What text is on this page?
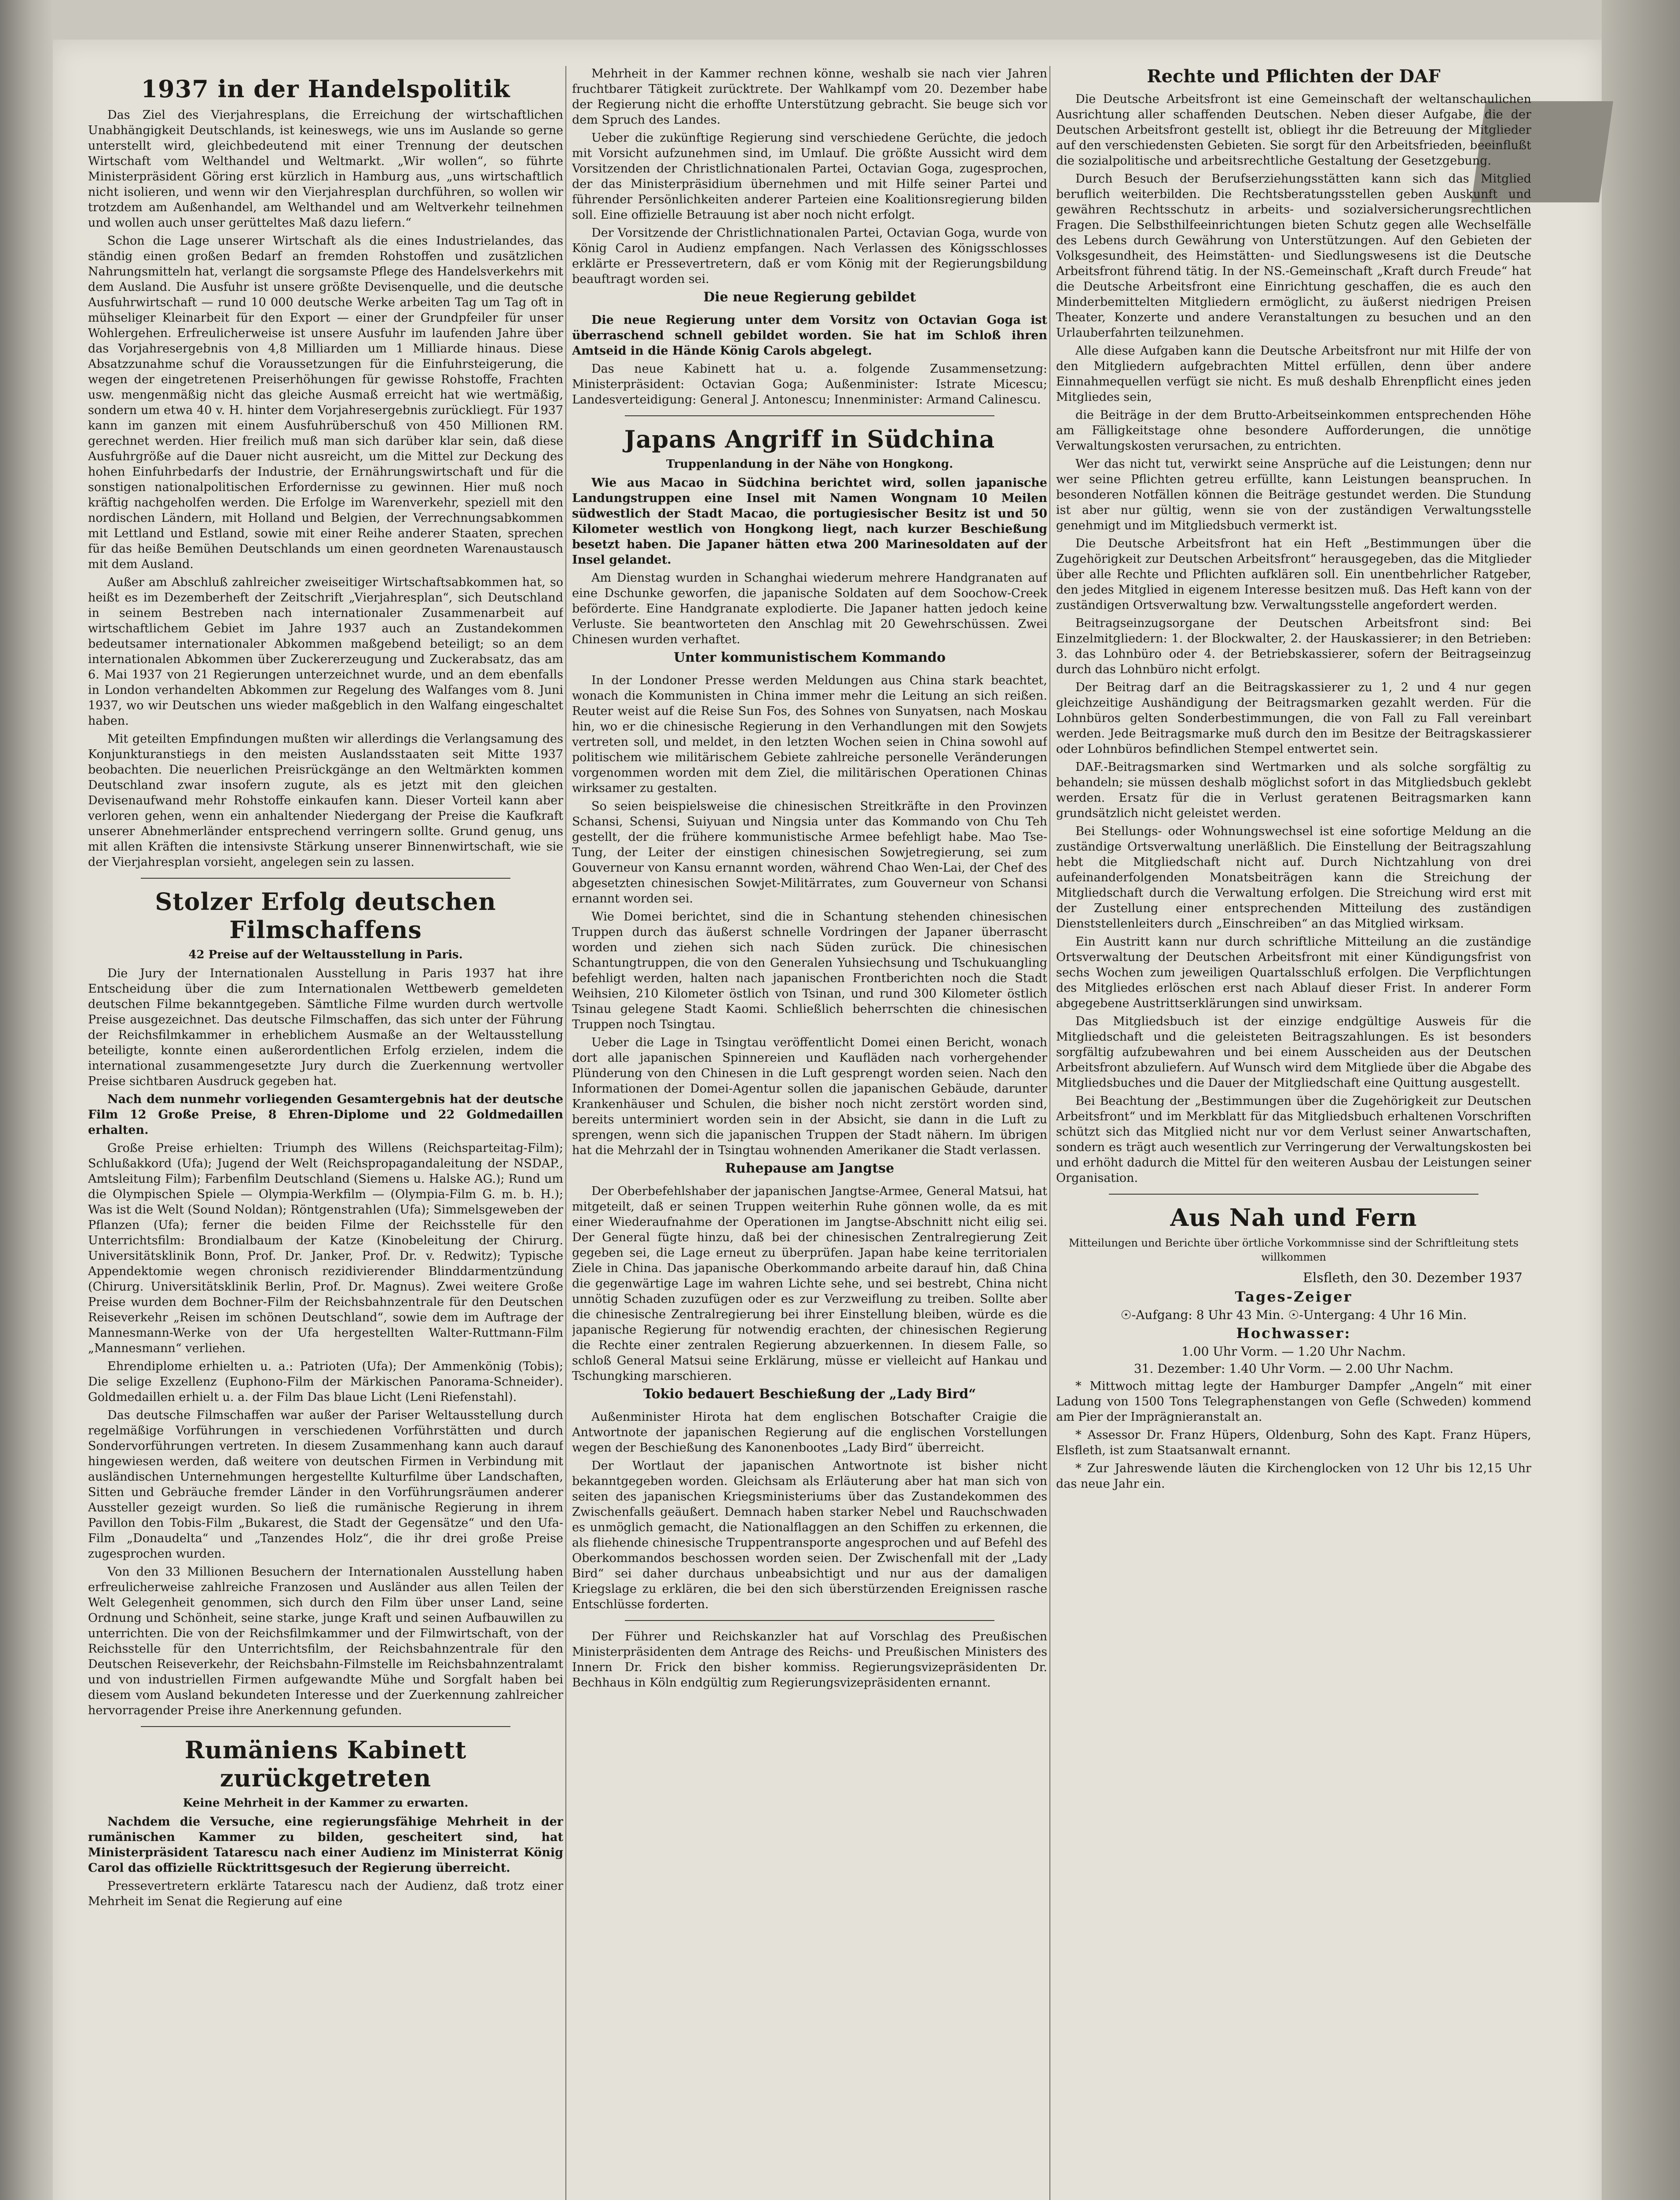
1937 in der Handelspolitik

Das Ziel des Vierjahresplans, die Erreichung der wirtschaftlichen Unabhängigkeit Deutschlands, ist keineswegs, wie uns im Auslande so gerne unterstellt wird, gleichbedeutend mit einer Trennung der deutschen Wirtschaft vom Welthandel und Weltmarkt. „Wir wollen“, so führte Ministerpräsident Göring erst kürzlich in Hamburg aus, „uns wirtschaftlich nicht isolieren, und wenn wir den Vierjahresplan durchführen, so wollen wir trotzdem am Außenhandel, am Welthandel und am Weltverkehr teilnehmen und wollen auch unser gerütteltes Maß dazu liefern.“

Schon die Lage unserer Wirtschaft als die eines Industrielandes, das ständig einen großen Bedarf an fremden Rohstoffen und zusätzlichen Nahrungsmitteln hat, verlangt die sorgsamste Pflege des Handelsverkehrs mit dem Ausland. Die Ausfuhr ist unsere größte Devisenquelle, und die deutsche Ausfuhrwirtschaft — rund 10 000 deutsche Werke arbeiten Tag um Tag oft in mühseliger Kleinarbeit für den Export — einer der Grundpfeiler für unser Wohlergehen. Erfreulicherweise ist unsere Ausfuhr im laufenden Jahre über das Vorjahresergebnis von 4,8 Milliarden um 1 Milliarde hinaus. Diese Absatzzunahme schuf die Voraussetzungen für die Einfuhrsteigerung, die wegen der eingetretenen Preiserhöhungen für gewisse Rohstoffe, Frachten usw. mengenmäßig nicht das gleiche Ausmaß erreicht hat wie wertmäßig, sondern um etwa 40 v. H. hinter dem Vorjahresergebnis zurückliegt. Für 1937 kann im ganzen mit einem Ausfuhrüberschuß von 450 Millionen RM. gerechnet werden. Hier freilich muß man sich darüber klar sein, daß diese Ausfuhrgröße auf die Dauer nicht ausreicht, um die Mittel zur Deckung des hohen Einfuhrbedarfs der Industrie, der Ernährungswirtschaft und für die sonstigen nationalpolitischen Erfordernisse zu gewinnen. Hier muß noch kräftig nachgeholfen werden. Die Erfolge im Warenverkehr, speziell mit den nordischen Ländern, mit Holland und Belgien, der Verrechnungsabkommen mit Lettland und Estland, sowie mit einer Reihe anderer Staaten, sprechen für das heiße Bemühen Deutschlands um einen geordneten Warenaustausch mit dem Ausland.

Außer am Abschluß zahlreicher zweiseitiger Wirtschaftsabkommen hat, so heißt es im Dezemberheft der Zeitschrift „Vierjahresplan“, sich Deutschland in seinem Bestreben nach internationaler Zusammenarbeit auf wirtschaftlichem Gebiet im Jahre 1937 auch an Zustandekommen bedeutsamer internationaler Abkommen maßgebend beteiligt; so an dem internationalen Abkommen über Zuckererzeugung und Zuckerabsatz, das am 6. Mai 1937 von 21 Regierungen unterzeichnet wurde, und an dem ebenfalls in London verhandelten Abkommen zur Regelung des Walfanges vom 8. Juni 1937, wo wir Deutschen uns wieder maßgeblich in den Walfang eingeschaltet haben.

Mit geteilten Empfindungen mußten wir allerdings die Verlangsamung des Konjunkturanstiegs in den meisten Auslandsstaaten seit Mitte 1937 beobachten. Die neuerlichen Preisrückgänge an den Weltmärkten kommen Deutschland zwar insofern zugute, als es jetzt mit den gleichen Devisenaufwand mehr Rohstoffe einkaufen kann. Dieser Vorteil kann aber verloren gehen, wenn ein anhaltender Niedergang der Preise die Kaufkraft unserer Abnehmerländer entsprechend verringern sollte. Grund genug, uns mit allen Kräften die intensivste Stärkung unserer Binnenwirtschaft, wie sie der Vierjahresplan vorsieht, angelegen sein zu lassen.

Stolzer Erfolg deutschen Filmschaffens
42 Preise auf der Weltausstellung in Paris.

Die Jury der Internationalen Ausstellung in Paris 1937 hat ihre Entscheidung über die zum Internationalen Wettbewerb gemeldeten deutschen Filme bekanntgegeben. Sämtliche Filme wurden durch wertvolle Preise ausgezeichnet. Das deutsche Filmschaffen, das sich unter der Führung der Reichsfilmkammer in erheblichem Ausmaße an der Weltausstellung beteiligte, konnte einen außerordentlichen Erfolg erzielen, indem die international zusammengesetzte Jury durch die Zuerkennung wertvoller Preise sichtbaren Ausdruck gegeben hat.

Nach dem nunmehr vorliegenden Gesamtergebnis hat der deutsche Film 12 Große Preise, 8 Ehren-Diplome und 22 Goldmedaillen erhalten.

Große Preise erhielten: Triumph des Willens (Reichsparteitag-Film); Schlußakkord (Ufa); Jugend der Welt (Reichspropagandaleitung der NSDAP., Amtsleitung Film); Farbenfilm Deutschland (Siemens u. Halske AG.); Rund um die Olympischen Spiele — Olympia-Werkfilm — (Olympia-Film G. m. b. H.); Was ist die Welt (Sound Noldan); Röntgenstrahlen (Ufa); Simmelsgeweben der Pflanzen (Ufa); ferner die beiden Filme der Reichsstelle für den Unterrichtsfilm: Brondialbaum der Katze (Kinobeleitung der Chirurg. Universitätsklinik Bonn, Prof. Dr. Janker, Prof. Dr. v. Redwitz); Typische Appendektomie wegen chronisch rezidivierender Blinddarmentzündung (Chirurg. Universitätsklinik Berlin, Prof. Dr. Magnus). Zwei weitere Große Preise wurden dem Bochner-Film der Reichsbahnzentrale für den Deutschen Reiseverkehr „Reisen im schönen Deutschland“, sowie dem im Auftrage der Mannesmann-Werke von der Ufa hergestellten Walter-Ruttmann-Film „Mannesmann“ verliehen.

Ehrendiplome erhielten u. a.: Patrioten (Ufa); Der Ammenkönig (Tobis); Die selige Exzellenz (Euphono-Film der Märkischen Panorama-Schneider). Goldmedaillen erhielt u. a. der Film Das blaue Licht (Leni Riefenstahl).

Das deutsche Filmschaffen war außer der Pariser Weltausstellung durch regelmäßige Vorführungen in verschiedenen Vorführstätten und durch Sondervorführungen vertreten. In diesem Zusammenhang kann auch darauf hingewiesen werden, daß weitere von deutschen Firmen in Verbindung mit ausländischen Unternehmungen hergestellte Kulturfilme über Landschaften, Sitten und Gebräuche fremder Länder in den Vorführungsräumen anderer Aussteller gezeigt wurden. So ließ die rumänische Regierung in ihrem Pavillon den Tobis-Film „Bukarest, die Stadt der Gegensätze“ und den Ufa-Film „Donaudelta“ und „Tanzendes Holz“, die ihr drei große Preise zugesprochen wurden.

Von den 33 Millionen Besuchern der Internationalen Ausstellung haben erfreulicherweise zahlreiche Franzosen und Ausländer aus allen Teilen der Welt Gelegenheit genommen, sich durch den Film über unser Land, seine Ordnung und Schönheit, seine starke, junge Kraft und seinen Aufbauwillen zu unterrichten. Die von der Reichsfilmkammer und der Filmwirtschaft, von der Reichsstelle für den Unterrichtsfilm, der Reichsbahnzentrale für den Deutschen Reiseverkehr, der Reichsbahn-Filmstelle im Reichsbahnzentralamt und von industriellen Firmen aufgewandte Mühe und Sorgfalt haben bei diesem vom Ausland bekundeten Interesse und der Zuerkennung zahlreicher hervorragender Preise ihre Anerkennung gefunden.

Rumäniens Kabinett zurückgetreten
Keine Mehrheit in der Kammer zu erwarten.

Nachdem die Versuche, eine regierungsfähige Mehrheit in der rumänischen Kammer zu bilden, gescheitert sind, hat Ministerpräsident Tatarescu nach einer Audienz im Ministerrat König Carol das offizielle Rücktrittsgesuch der Regierung überreicht.

Pressevertretern erklärte Tatarescu nach der Audienz, daß trotz einer Mehrheit im Senat die Regierung auf eine

Mehrheit in der Kammer rechnen könne, weshalb sie nach vier Jahren fruchtbarer Tätigkeit zurücktrete. Der Wahlkampf vom 20. Dezember habe der Regierung nicht die erhoffte Unterstützung gebracht. Sie beuge sich vor dem Spruch des Landes.

Ueber die zukünftige Regierung sind verschiedene Gerüchte, die jedoch mit Vorsicht aufzunehmen sind, im Umlauf. Die größte Aussicht wird dem Vorsitzenden der Christlichnationalen Partei, Octavian Goga, zugesprochen, der das Ministerpräsidium übernehmen und mit Hilfe seiner Partei und führender Persönlichkeiten anderer Parteien eine Koalitionsregierung bilden soll. Eine offizielle Betrauung ist aber noch nicht erfolgt.

Der Vorsitzende der Christlichnationalen Partei, Octavian Goga, wurde von König Carol in Audienz empfangen. Nach Verlassen des Königsschlosses erklärte er Pressevertretern, daß er vom König mit der Regierungsbildung beauftragt worden sei.

Die neue Regierung gebildet

Die neue Regierung unter dem Vorsitz von Octavian Goga ist überraschend schnell gebildet worden. Sie hat im Schloß ihren Amtseid in die Hände König Carols abgelegt.

Das neue Kabinett hat u. a. folgende Zusammensetzung: Ministerpräsident: Octavian Goga; Außenminister: Istrate Micescu; Landesverteidigung: General J. Antonescu; Innenminister: Armand Calinescu.

Japans Angriff in Südchina
Truppenlandung in der Nähe von Hongkong.

Wie aus Macao in Südchina berichtet wird, sollen japanische Landungstruppen eine Insel mit Namen Wongnam 10 Meilen südwestlich der Stadt Macao, die portugiesischer Besitz ist und 50 Kilometer westlich von Hongkong liegt, nach kurzer Beschießung besetzt haben. Die Japaner hätten etwa 200 Marinesoldaten auf der Insel gelandet.

Am Dienstag wurden in Schanghai wiederum mehrere Handgranaten auf eine Dschunke geworfen, die japanische Soldaten auf dem Soochow-Creek beförderte. Eine Handgranate explodierte. Die Japaner hatten jedoch keine Verluste. Sie beantworteten den Anschlag mit 20 Gewehrschüssen. Zwei Chinesen wurden verhaftet.

Unter kommunistischem Kommando

In der Londoner Presse werden Meldungen aus China stark beachtet, wonach die Kommunisten in China immer mehr die Leitung an sich reißen. Reuter weist auf die Reise Sun Fos, des Sohnes von Sunyatsen, nach Moskau hin, wo er die chinesische Regierung in den Verhandlungen mit den Sowjets vertreten soll, und meldet, in den letzten Wochen seien in China sowohl auf politischem wie militärischem Gebiete zahlreiche personelle Veränderungen vorgenommen worden mit dem Ziel, die militärischen Operationen Chinas wirksamer zu gestalten.

So seien beispielsweise die chinesischen Streitkräfte in den Provinzen Schansi, Schensi, Suiyuan und Ningsia unter das Kommando von Chu Teh gestellt, der die frühere kommunistische Armee befehligt habe. Mao Tse-Tung, der Leiter der einstigen chinesischen Sowjetregierung, sei zum Gouverneur von Kansu ernannt worden, während Chao Wen-Lai, der Chef des abgesetzten chinesischen Sowjet-Militärrates, zum Gouverneur von Schansi ernannt worden sei.

Wie Domei berichtet, sind die in Schantung stehenden chinesischen Truppen durch das äußerst schnelle Vordringen der Japaner überrascht worden und ziehen sich nach Süden zurück. Die chinesischen Schantungtruppen, die von den Generalen Yuhsiechsung und Tschukuangling befehligt werden, halten nach japanischen Frontberichten noch die Stadt Weihsien, 210 Kilometer östlich von Tsinan, und rund 300 Kilometer östlich Tsinau gelegene Stadt Kaomi. Schließlich beherrschten die chinesischen Truppen noch Tsingtau.

Ueber die Lage in Tsingtau veröffentlicht Domei einen Bericht, wonach dort alle japanischen Spinnereien und Kaufläden nach vorhergehender Plünderung von den Chinesen in die Luft gesprengt worden seien. Nach den Informationen der Domei-Agentur sollen die japanischen Gebäude, darunter Krankenhäuser und Schulen, die bisher noch nicht zerstört worden sind, bereits unterminiert worden sein in der Absicht, sie dann in die Luft zu sprengen, wenn sich die japanischen Truppen der Stadt nähern. Im übrigen hat die Mehrzahl der in Tsingtau wohnenden Amerikaner die Stadt verlassen.

Ruhepause am Jangtse

Der Oberbefehlshaber der japanischen Jangtse-Armee, General Matsui, hat mitgeteilt, daß er seinen Truppen weiterhin Ruhe gönnen wolle, da es mit einer Wiederaufnahme der Operationen im Jangtse-Abschnitt nicht eilig sei. Der General fügte hinzu, daß bei der chinesischen Zentralregierung Zeit gegeben sei, die Lage erneut zu überprüfen. Japan habe keine territorialen Ziele in China. Das japanische Oberkommando arbeite darauf hin, daß China die gegenwärtige Lage im wahren Lichte sehe, und sei bestrebt, China nicht unnötig Schaden zuzufügen oder es zur Verzweiflung zu treiben. Sollte aber die chinesische Zentralregierung bei ihrer Einstellung bleiben, würde es die japanische Regierung für notwendig erachten, der chinesischen Regierung die Rechte einer zentralen Regierung abzuerkennen. In diesem Falle, so schloß General Matsui seine Erklärung, müsse er vielleicht auf Hankau und Tschungking marschieren.

Tokio bedauert Beschießung der „Lady Bird“

Außenminister Hirota hat dem englischen Botschafter Craigie die Antwortnote der japanischen Regierung auf die englischen Vorstellungen wegen der Beschießung des Kanonenbootes „Lady Bird“ überreicht.

Der Wortlaut der japanischen Antwortnote ist bisher nicht bekanntgegeben worden. Gleichsam als Erläuterung aber hat man sich von seiten des japanischen Kriegsministeriums über das Zustandekommen des Zwischenfalls geäußert. Demnach haben starker Nebel und Rauchschwaden es unmöglich gemacht, die Nationalflaggen an den Schiffen zu erkennen, die als fliehende chinesische Truppentransporte angesprochen und auf Befehl des Oberkommandos beschossen worden seien. Der Zwischenfall mit der „Lady Bird“ sei daher durchaus unbeabsichtigt und nur aus der damaligen Kriegslage zu erklären, die bei den sich überstürzenden Ereignissen rasche Entschlüsse forderten.

Der Führer und Reichskanzler hat auf Vorschlag des Preußischen Ministerpräsidenten dem Antrage des Reichs- und Preußischen Ministers des Innern Dr. Frick den bisher kommiss. Regierungsvizepräsidenten Dr. Bechhaus in Köln endgültig zum Regierungsvizepräsidenten ernannt.

Rechte und Pflichten der DAF

Die Deutsche Arbeitsfront ist eine Gemeinschaft der weltanschaulichen Ausrichtung aller schaffenden Deutschen. Neben dieser Aufgabe, die der Deutschen Arbeitsfront gestellt ist, obliegt ihr die Betreuung der Mitglieder auf den verschiedensten Gebieten. Sie sorgt für den Arbeitsfrieden, beeinflußt die sozialpolitische und arbeitsrechtliche Gestaltung der Gesetzgebung.

Durch Besuch der Berufserziehungsstätten kann sich das Mitglied beruflich weiterbilden. Die Rechtsberatungsstellen geben Auskunft und gewähren Rechtsschutz in arbeits- und sozialversicherungsrechtlichen Fragen. Die Selbsthilfeeinrichtungen bieten Schutz gegen alle Wechselfälle des Lebens durch Gewährung von Unterstützungen. Auf den Gebieten der Volksgesundheit, des Heimstätten- und Siedlungswesens ist die Deutsche Arbeitsfront führend tätig. In der NS.-Gemeinschaft „Kraft durch Freude“ hat die Deutsche Arbeitsfront eine Einrichtung geschaffen, die es auch den Minderbemittelten Mitgliedern ermöglicht, zu äußerst niedrigen Preisen Theater, Konzerte und andere Veranstaltungen zu besuchen und an den Urlauberfahrten teilzunehmen.

Alle diese Aufgaben kann die Deutsche Arbeitsfront nur mit Hilfe der von den Mitgliedern aufgebrachten Mittel erfüllen, denn über andere Einnahmequellen verfügt sie nicht. Es muß deshalb Ehrenpflicht eines jeden Mitgliedes sein,

die Beiträge in der dem Brutto-Arbeitseinkommen entsprechenden Höhe am Fälligkeitstage ohne besondere Aufforderungen, die unnötige Verwaltungskosten verursachen, zu entrichten.

Wer das nicht tut, verwirkt seine Ansprüche auf die Leistungen; denn nur wer seine Pflichten getreu erfüllte, kann Leistungen beanspruchen. In besonderen Notfällen können die Beiträge gestundet werden. Die Stundung ist aber nur gültig, wenn sie von der zuständigen Verwaltungsstelle genehmigt und im Mitgliedsbuch vermerkt ist.

Die Deutsche Arbeitsfront hat ein Heft „Bestimmungen über die Zugehörigkeit zur Deutschen Arbeitsfront“ herausgegeben, das die Mitglieder über alle Rechte und Pflichten aufklären soll. Ein unentbehrlicher Ratgeber, den jedes Mitglied in eigenem Interesse besitzen muß. Das Heft kann von der zuständigen Ortsverwaltung bzw. Verwaltungsstelle angefordert werden.

Beitragseinzugsorgane der Deutschen Arbeitsfront sind: Bei Einzelmitgliedern: 1. der Blockwalter, 2. der Hauskassierer; in den Betrieben: 3. das Lohnbüro oder 4. der Betriebskassierer, sofern der Beitragseinzug durch das Lohnbüro nicht erfolgt.

Der Beitrag darf an die Beitragskassierer zu 1, 2 und 4 nur gegen gleichzeitige Aushändigung der Beitragsmarken gezahlt werden. Für die Lohnbüros gelten Sonderbestimmungen, die von Fall zu Fall vereinbart werden. Jede Beitragsmarke muß durch den im Besitze der Beitragskassierer oder Lohnbüros befindlichen Stempel entwertet sein.

DAF.-Beitragsmarken sind Wertmarken und als solche sorgfältig zu behandeln; sie müssen deshalb möglichst sofort in das Mitgliedsbuch geklebt werden. Ersatz für die in Verlust geratenen Beitragsmarken kann grundsätzlich nicht geleistet werden.

Bei Stellungs- oder Wohnungswechsel ist eine sofortige Meldung an die zuständige Ortsverwaltung unerläßlich. Die Einstellung der Beitragszahlung hebt die Mitgliedschaft nicht auf. Durch Nichtzahlung von drei aufeinanderfolgenden Monatsbeiträgen kann die Streichung der Mitgliedschaft durch die Verwaltung erfolgen. Die Streichung wird erst mit der Zustellung einer entsprechenden Mitteilung des zuständigen Dienststellenleiters durch „Einschreiben“ an das Mitglied wirksam.

Ein Austritt kann nur durch schriftliche Mitteilung an die zuständige Ortsverwaltung der Deutschen Arbeitsfront mit einer Kündigungsfrist von sechs Wochen zum jeweiligen Quartalsschluß erfolgen. Die Verpflichtungen des Mitgliedes erlöschen erst nach Ablauf dieser Frist. In anderer Form abgegebene Austrittserklärungen sind unwirksam.

Das Mitgliedsbuch ist der einzige endgültige Ausweis für die Mitgliedschaft und die geleisteten Beitragszahlungen. Es ist besonders sorgfältig aufzubewahren und bei einem Ausscheiden aus der Deutschen Arbeitsfront abzuliefern. Auf Wunsch wird dem Mitgliede über die Abgabe des Mitgliedsbuches und die Dauer der Mitgliedschaft eine Quittung ausgestellt.

Bei Beachtung der „Bestimmungen über die Zugehörigkeit zur Deutschen Arbeitsfront“ und im Merkblatt für das Mitgliedsbuch erhaltenen Vorschriften schützt sich das Mitglied nicht nur vor dem Verlust seiner Anwartschaften, sondern es trägt auch wesentlich zur Verringerung der Verwaltungskosten bei und erhöht dadurch die Mittel für den weiteren Ausbau der Leistungen seiner Organisation.

Aus Nah und Fern
Mitteilungen und Berichte über örtliche Vorkommnisse sind der Schriftleitung stets willkommen
Elsfleth, den 30. Dezember 1937
Tages-Zeiger
☉-Aufgang: 8 Uhr 43 Min. ☉-Untergang: 4 Uhr 16 Min.
Hochwasser:
1.00 Uhr Vorm. — 1.20 Uhr Nachm.
31. Dezember: 1.40 Uhr Vorm. — 2.00 Uhr Nachm.

* Mittwoch mittag legte der Hamburger Dampfer „Angeln“ mit einer Ladung von 1500 Tons Telegraphenstangen von Gefle (Schweden) kommend am Pier der Imprägnieranstalt an.

* Assessor Dr. Franz Hüpers, Oldenburg, Sohn des Kapt. Franz Hüpers, Elsfleth, ist zum Staatsanwalt ernannt.

* Zur Jahreswende läuten die Kirchenglocken von 12 Uhr bis 12,15 Uhr das neue Jahr ein.
